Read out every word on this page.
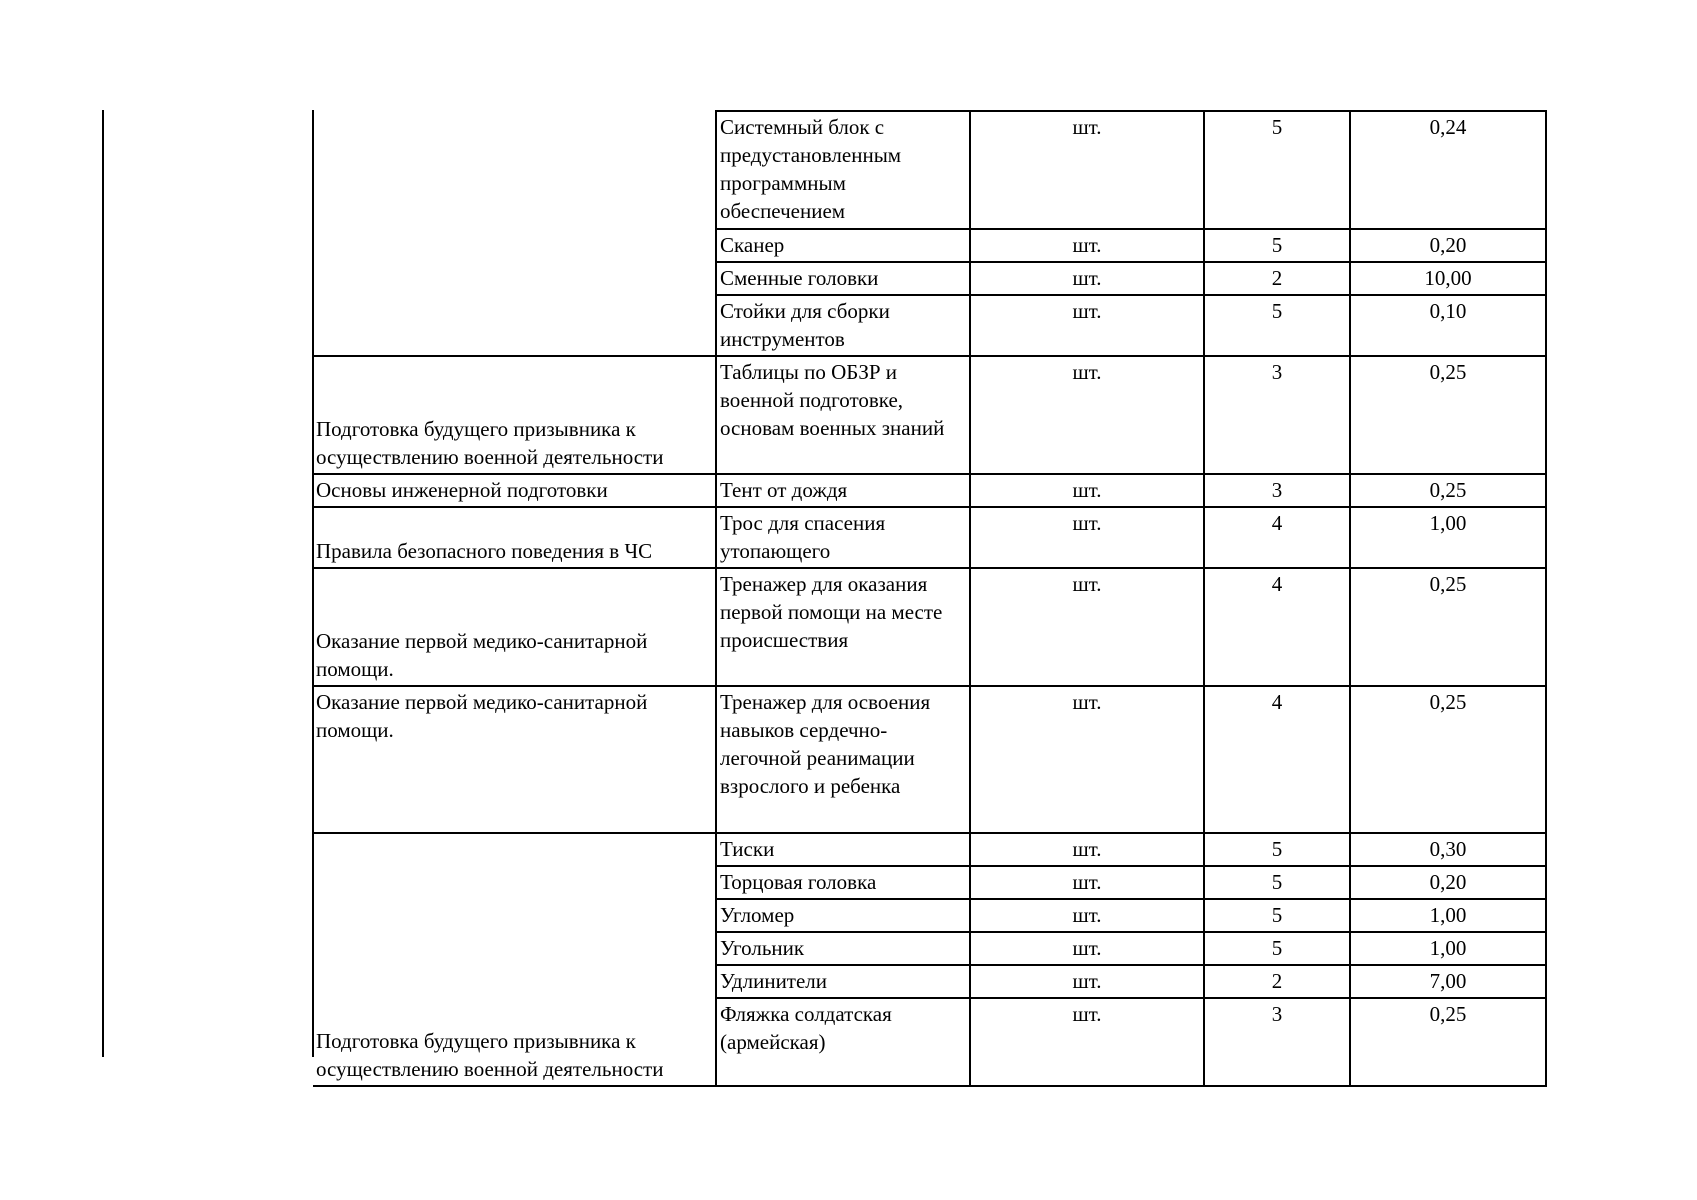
	Системный блок с предустановленным программным обеспечением	шт.	5	0,24
	Сканер	шт.	5	0,20
	Сменные головки	шт.	2	10,00
	Стойки для сборки инструментов	шт.	5	0,10
Подготовка будущего призывника к осуществлению военной деятельности	Таблицы по ОБЗР и военной подготовке, основам военных знаний	шт.	3	0,25
Основы инженерной подготовки	Тент от дождя	шт.	3	0,25
Правила безопасного поведения в ЧС	Трос для спасения утопающего	шт.	4	1,00
Оказание первой медико-санитарной помощи.	Тренажер для оказания первой помощи на месте происшествия	шт.	4	0,25
Оказание первой медико-санитарной помощи.	Тренажер для освоения навыков сердечно-легочной реанимации взрослого и ребенка	шт.	4	0,25
Подготовка будущего призывника к осуществлению военной деятельности	Тиски	шт.	5	0,30
	Торцовая головка	шт.	5	0,20
	Угломер	шт.	5	1,00
	Угольник	шт.	5	1,00
	Удлинители	шт.	2	7,00
	Фляжка солдатская (армейская)	шт.	3	0,25
